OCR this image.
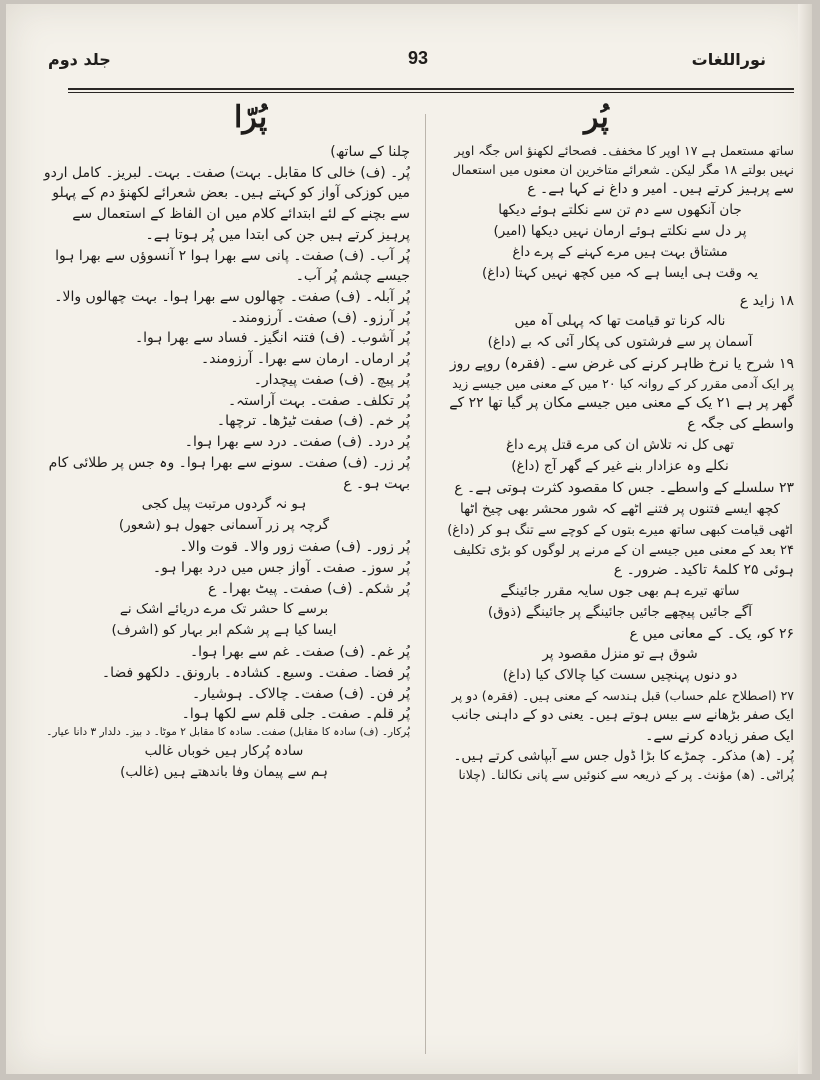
نوراللغات
93
جلد دوم
پُر
پُرّا

ساتھ مستعمل ہے ۱۷ اوپر کا مخفف۔ فصحائے لکھنؤ اس جگہ اوپر

نہیں بولتے ۱۸ مگر لیکن۔ شعرائے متاخرین ان معنوں میں استعمال

سے پرہیز کرتے ہیں۔ امیر و داغ نے کہا ہے۔ ع

جان آنکھوں سے دم تن سے نکلتے ہوئے دیکھا

پر دل سے نکلتے ہوئے ارمان نہیں دیکھا (امیر)

مشتاق بہت ہیں مرے کہنے کے پرے داغ

یہ وقت ہی ایسا ہے کہ میں کچھ نہیں کہتا (داغ)

۱۸ زاید ع

نالہ کرنا تو قیامت تھا کہ پہلی آہ میں

آسمان پر سے فرشتوں کی پکار آئی کہ بے (داغ)

۱۹ شرح یا نرخ ظاہر کرنے کی غرض سے۔ (فقرہ) روپے روز

پر ایک آدمی مقرر کر کے روانہ کیا ۲۰ میں کے معنی میں جیسے زید

گھر پر ہے ۲۱ یک کے معنی میں جیسے مکان پر گیا تھا ۲۲ کے

واسطے کی جگہ ع

تھی کل نہ تلاش ان کی مرے قتل پرے داغ

نکلے وہ عزادار بنے غیر کے گھر آج (داغ)

۲۳ سلسلے کے واسطے۔ جس کا مقصود کثرت ہوتی ہے۔ ع

کچھ ایسے فتنوں پر فتنے اٹھے کہ شور محشر بھی چیخ اٹھا

اٹھی قیامت کبھی ساتھ میرے بتوں کے کوچے سے تنگ ہو کر (داغ)

۲۴ بعد کے معنی میں جیسے ان کے مرنے پر لوگوں کو بڑی تکلیف

ہوئی ۲۵ کلمۂ تاکید۔ ضرور۔ ع

ساتھ تیرے ہم بھی جوں سایہ مقرر جائینگے

آگے جائیں پیچھے جائیں جائینگے پر جائینگے (ذوق)

۲۶ کو، یک۔ کے معانی میں ع

شوق ہے تو منزل مقصود پر

دو دنوں پہنچیں سست کیا چالاک کیا (داغ)

۲۷ (اصطلاح علم حساب) قبل ہندسہ کے معنی ہیں۔ (فقرہ) دو پر

ایک صفر بڑھانے سے بیس ہوتے ہیں۔ یعنی دو کے داہنی جانب

ایک صفر زیادہ کرنے سے۔

پُر۔ (ھ) مذکر۔ چمڑے کا بڑا ڈول جس سے آبپاشی کرتے ہیں۔

پُراٹی۔ (ھ) مؤنث۔ پر کے ذریعہ سے کنوئیں سے پانی نکالنا۔ (چلانا

چلنا کے ساتھ)

پُر۔ (ف) خالی کا مقابل۔ بہت) صفت۔ بہت۔ لبریز۔ کامل اردو

میں کوزکی آواز کو کہتے ہیں۔ بعض شعرائے لکھنؤ دم کے پہلو

سے بچنے کے لئے ابتدائے کلام میں ان الفاظ کے استعمال سے

پرہیز کرتے ہیں جن کی ابتدا میں پُر ہوتا ہے۔

پُر آب۔ (ف) صفت۔ پانی سے بھرا ہوا ۲ آنسوؤں سے بھرا ہوا

جیسے چشم پُر آب۔

پُر آبلہ۔ (ف) صفت۔ چھالوں سے بھرا ہوا۔ بہت چھالوں والا۔

پُر آرزو۔ (ف) صفت۔ آرزومند۔

پُر آشوب۔ (ف) فتنہ انگیز۔ فساد سے بھرا ہوا۔

پُر ارماں۔ ارمان سے بھرا۔ آرزومند۔

پُر پیچ۔ (ف) صفت پیچدار۔

پُر تکلف۔ صفت۔ بہت آراستہ۔

پُر خم۔ (ف) صفت ٹیڑھا۔ ترچھا۔

پُر درد۔ (ف) صفت۔ درد سے بھرا ہوا۔

پُر زر۔ (ف) صفت۔ سونے سے بھرا ہوا۔ وہ جس پر طلائی کام

بہت ہو۔ ع

ہو نہ گردوں مرتبت پیل کجی

گرچہ پر زر آسمانی جھول ہو (شعور)

پُر زور۔ (ف) صفت زور والا۔ قوت والا۔

پُر سوز۔ صفت۔ آواز جس میں درد بھرا ہو۔

پُر شکم۔ (ف) صفت۔ پیٹ بھرا۔ ع

برسے کا حشر تک مرے دریائے اشک نے

ایسا کیا ہے پر شکم ابر بہار کو (اشرف)

پُر غم۔ (ف) صفت۔ غم سے بھرا ہوا۔

پُر فضا۔ صفت۔ وسیع۔ کشادہ۔ بارونق۔ دلکھو فضا۔

پُر فن۔ (ف) صفت۔ چالاک۔ ہوشیار۔

پُر قلم۔ صفت۔ جلی قلم سے لکھا ہوا۔

پُرکار۔ (ف) سادہ کا مقابل) صفت۔ سادہ کا مقابل ۲ موٹا۔ د بیز۔ دلدار ۳ دانا عیار۔

سادہ پُرکار ہیں خوباں غالب

ہم سے پیمان وفا باندھتے ہیں (غالب)
